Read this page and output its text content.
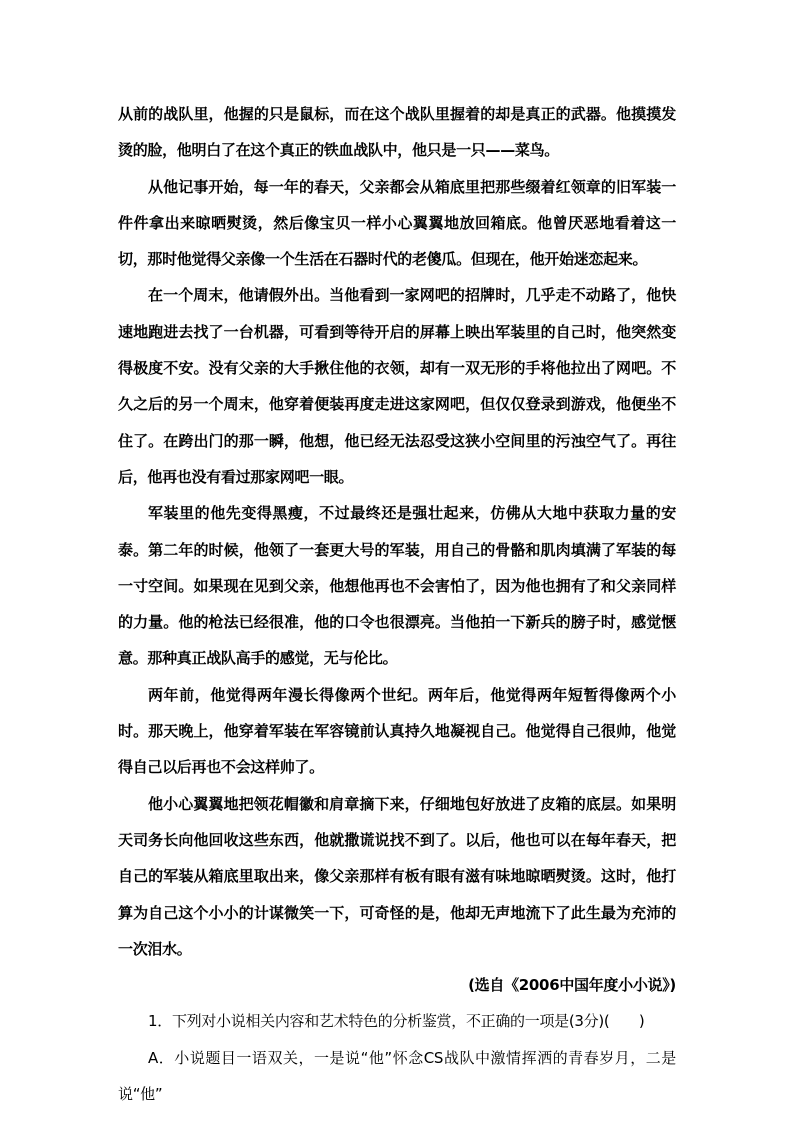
从前的战队里，他握的只是鼠标，而在这个战队里握着的却是真正的武器。他摸摸发烫的脸，他明白了在这个真正的铁血战队中，他只是一只——菜鸟。

从他记事开始，每一年的春天，父亲都会从箱底里把那些缀着红领章的旧军装一件件拿出来晾晒熨烫，然后像宝贝一样小心翼翼地放回箱底。他曾厌恶地看着这一切，那时他觉得父亲像一个生活在石器时代的老傻瓜。但现在，他开始迷恋起来。

在一个周末，他请假外出。当他看到一家网吧的招牌时，几乎走不动路了，他快速地跑进去找了一台机器，可看到等待开启的屏幕上映出军装里的自己时，他突然变得极度不安。没有父亲的大手揪住他的衣领，却有一双无形的手将他拉出了网吧。不久之后的另一个周末，他穿着便装再度走进这家网吧，但仅仅登录到游戏，他便坐不住了。在跨出门的那一瞬，他想，他已经无法忍受这狭小空间里的污浊空气了。再往后，他再也没有看过那家网吧一眼。

军装里的他先变得黑瘦，不过最终还是强壮起来，仿佛从大地中获取力量的安泰。第二年的时候，他领了一套更大号的军装，用自己的骨骼和肌肉填满了军装的每一寸空间。如果现在见到父亲，他想他再也不会害怕了，因为他也拥有了和父亲同样的力量。他的枪法已经很准，他的口令也很漂亮。当他拍一下新兵的膀子时，感觉惬意。那种真正战队高手的感觉，无与伦比。

两年前，他觉得两年漫长得像两个世纪。两年后，他觉得两年短暂得像两个小时。那天晚上，他穿着军装在军容镜前认真持久地凝视自己。他觉得自己很帅，他觉得自己以后再也不会这样帅了。

他小心翼翼地把领花帽徽和肩章摘下来，仔细地包好放进了皮箱的底层。如果明天司务长向他回收这些东西，他就撒谎说找不到了。以后，他也可以在每年春天，把自己的军装从箱底里取出来，像父亲那样有板有眼有滋有味地晾晒熨烫。这时，他打算为自己这个小小的计谋微笑一下，可奇怪的是，他却无声地流下了此生最为充沛的一次泪水。

(选自《2006中国年度小小说》)

1．下列对小说相关内容和艺术特色的分析鉴赏，不正确的一项是(3分)(　　)

A．小说题目一语双关，一是说“他”怀念CS战队中激情挥洒的青春岁月，二是说“他”
